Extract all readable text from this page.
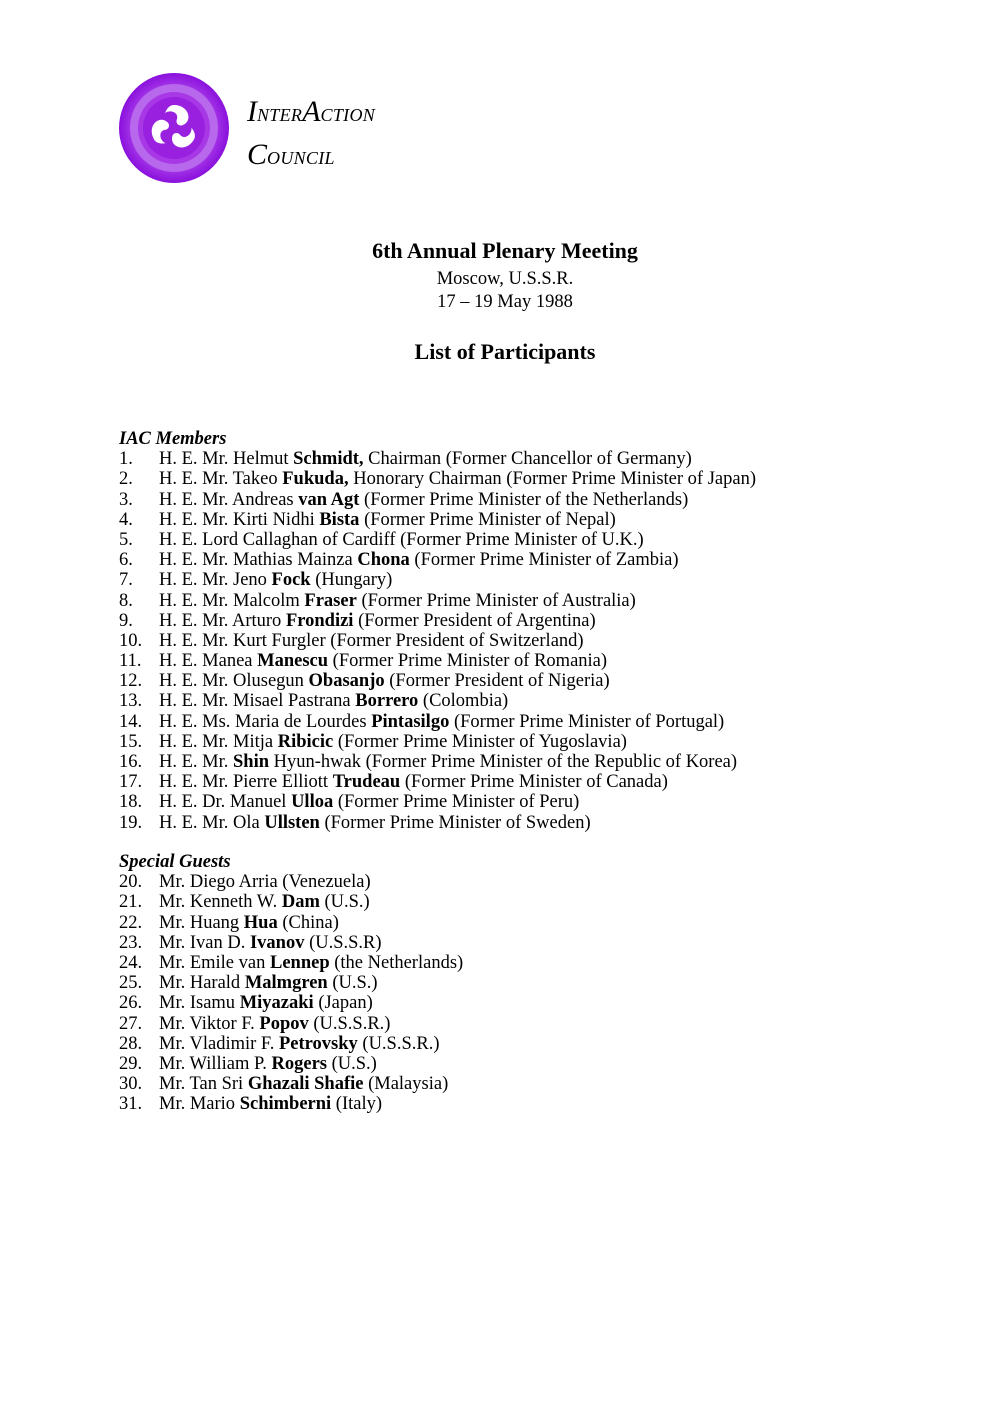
INTERACTION
COUNCIL
6th Annual Plenary Meeting
Moscow, U.S.S.R.
17 – 19 May 1988
List of Participants
IAC Members
1. H. E. Mr. Helmut Schmidt, Chairman (Former Chancellor of Germany)
2. H. E. Mr. Takeo Fukuda, Honorary Chairman (Former Prime Minister of Japan)
3. H. E. Mr. Andreas van Agt (Former Prime Minister of the Netherlands)
4. H. E. Mr. Kirti Nidhi Bista (Former Prime Minister of Nepal)
5. H. E. Lord Callaghan of Cardiff (Former Prime Minister of U.K.)
6. H. E. Mr. Mathias Mainza Chona (Former Prime Minister of Zambia)
7. H. E. Mr. Jeno Fock (Hungary)
8. H. E. Mr. Malcolm Fraser (Former Prime Minister of Australia)
9. H. E. Mr. Arturo Frondizi (Former President of Argentina)
10. H. E. Mr. Kurt Furgler (Former President of Switzerland)
11. H. E. Manea Manescu (Former Prime Minister of Romania)
12. H. E. Mr. Olusegun Obasanjo (Former President of Nigeria)
13. H. E. Mr. Misael Pastrana Borrero (Colombia)
14. H. E. Ms. Maria de Lourdes Pintasilgo (Former Prime Minister of Portugal)
15. H. E. Mr. Mitja Ribicic (Former Prime Minister of Yugoslavia)
16. H. E. Mr. Shin Hyun-hwak (Former Prime Minister of the Republic of Korea)
17. H. E. Mr. Pierre Elliott Trudeau (Former Prime Minister of Canada)
18. H. E. Dr. Manuel Ulloa (Former Prime Minister of Peru)
19. H. E. Mr. Ola Ullsten (Former Prime Minister of Sweden)
Special Guests
20. Mr. Diego Arria (Venezuela)
21. Mr. Kenneth W. Dam (U.S.)
22. Mr. Huang Hua (China)
23. Mr. Ivan D. Ivanov (U.S.S.R)
24. Mr. Emile van Lennep (the Netherlands)
25. Mr. Harald Malmgren (U.S.)
26. Mr. Isamu Miyazaki (Japan)
27. Mr. Viktor F. Popov (U.S.S.R.)
28. Mr. Vladimir F. Petrovsky (U.S.S.R.)
29. Mr. William P. Rogers (U.S.)
30. Mr. Tan Sri Ghazali Shafie (Malaysia)
31. Mr. Mario Schimberni (Italy)
